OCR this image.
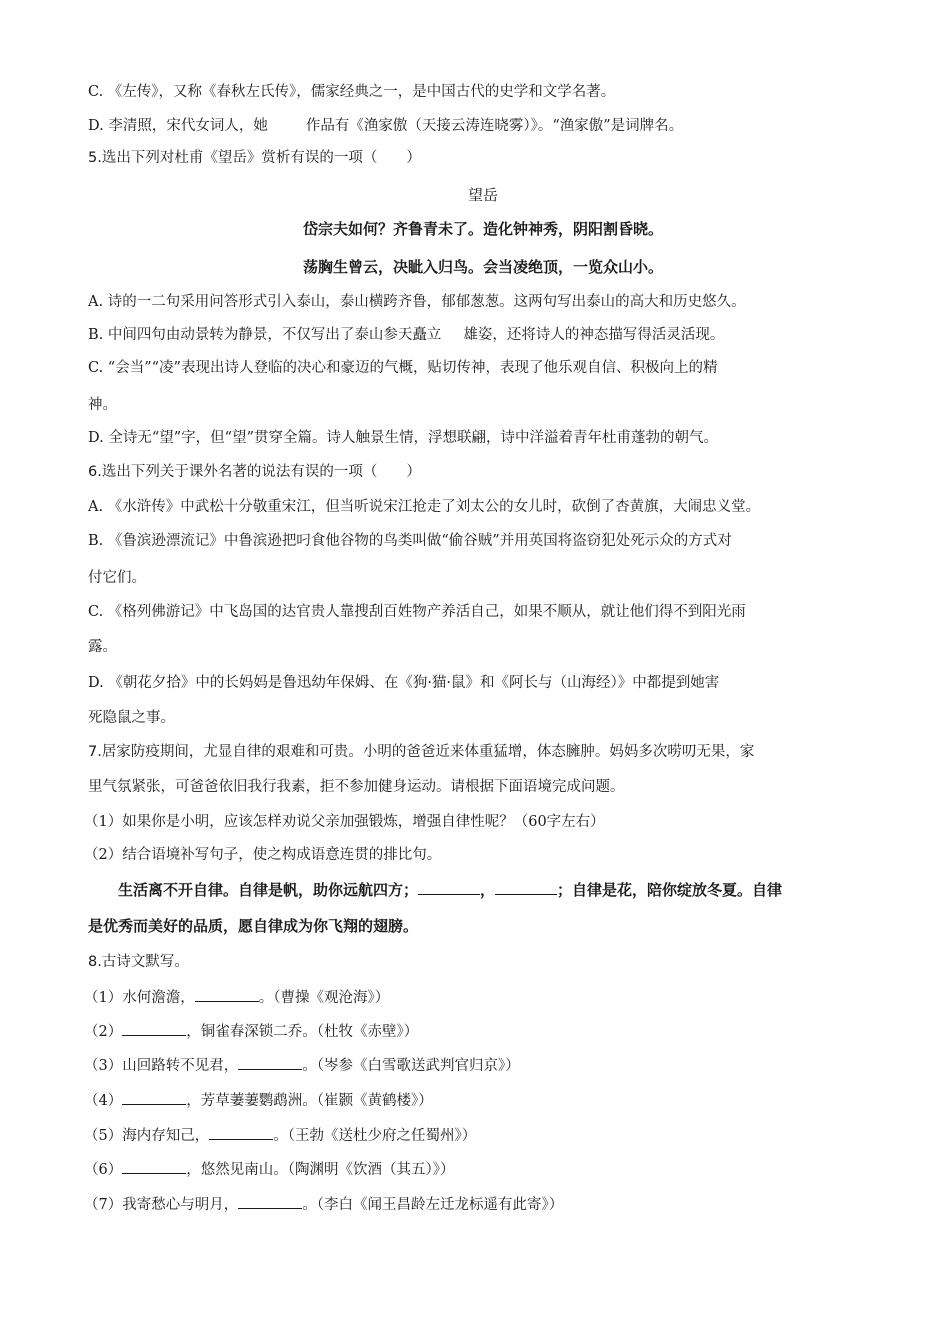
C. 《左传》，又称《春秋左氏传》，儒家经典之一，是中国古代的史学和文学名著。
D. 李清照，宋代女词人，她	作品有《渔家傲（天接云涛连晓雾）》。“渔家傲”是词牌名。
5.选出下列对杜甫《望岳》赏析有误的一项（　　）
望岳
岱宗夫如何？齐鲁青未了。造化钟神秀，阴阳割昏晓。
荡胸生曾云，决眦入归鸟。会当凌绝顶，一览众山小。
A. 诗的一二句采用问答形式引入泰山，泰山横跨齐鲁，郁郁葱葱。这两句写出泰山的高大和历史悠久。
B. 中间四句由动景转为静景，不仅写出了泰山参天矗立 雄姿，还将诗人的神态描写得活灵活现。
C. “会当”“凌”表现出诗人登临的决心和豪迈的气概，贴切传神，表现了他乐观自信、积极向上的精
神。
D. 全诗无“望”字，但“望”贯穿全篇。诗人触景生情，浮想联翩，诗中洋溢着青年杜甫蓬勃的朝气。
6.选出下列关于课外名著的说法有误的一项（　　）
A. 《水浒传》中武松十分敬重宋江，但当听说宋江抢走了刘太公的女儿时，砍倒了杏黄旗，大闹忠义堂。
B. 《鲁滨逊漂流记》中鲁滨逊把叼食他谷物的鸟类叫做“偷谷贼”并用英国将盗窃犯处死示众的方式对
付它们。
C. 《格列佛游记》中飞岛国的达官贵人靠搜刮百姓物产养活自己，如果不顺从，就让他们得不到阳光雨
露。
D. 《朝花夕拾》中的长妈妈是鲁迅幼年保姆、在《狗·猫·鼠》和《阿长与（山海经）》中都提到她害
死隐鼠之事。
7.居家防疫期间，尤显自律的艰难和可贵。小明的爸爸近来体重猛增，体态臃肿。妈妈多次唠叨无果，家
里气氛紧张，可爸爸依旧我行我素，拒不参加健身运动。请根据下面语境完成问题。
（1）如果你是小明，应该怎样劝说父亲加强锻炼，增强自律性呢？（60字左右）
（2）结合语境补写句子，使之构成语意连贯的排比句。
生活离不开自律。自律是帆，助你远航四方；	，	；自律是花，陪你绽放冬夏。自律
是优秀而美好的品质，愿自律成为你飞翔的翅膀。
8.古诗文默写。
（1）水何澹澹，	。（曹操《观沧海》）
（2）	，铜雀春深锁二乔。（杜牧《赤壁》）
（3）山回路转不见君，	。（岑参《白雪歌送武判官归京》）
（4）	，芳草萋萋鹦鹉洲。（崔颢《黄鹤楼》）
（5）海内存知己，	。（王勃《送杜少府之任蜀州》）
（6）	，悠然见南山。（陶渊明《饮酒（其五）》）
（7）我寄愁心与明月，	。（李白《闻王昌龄左迁龙标遥有此寄》）
